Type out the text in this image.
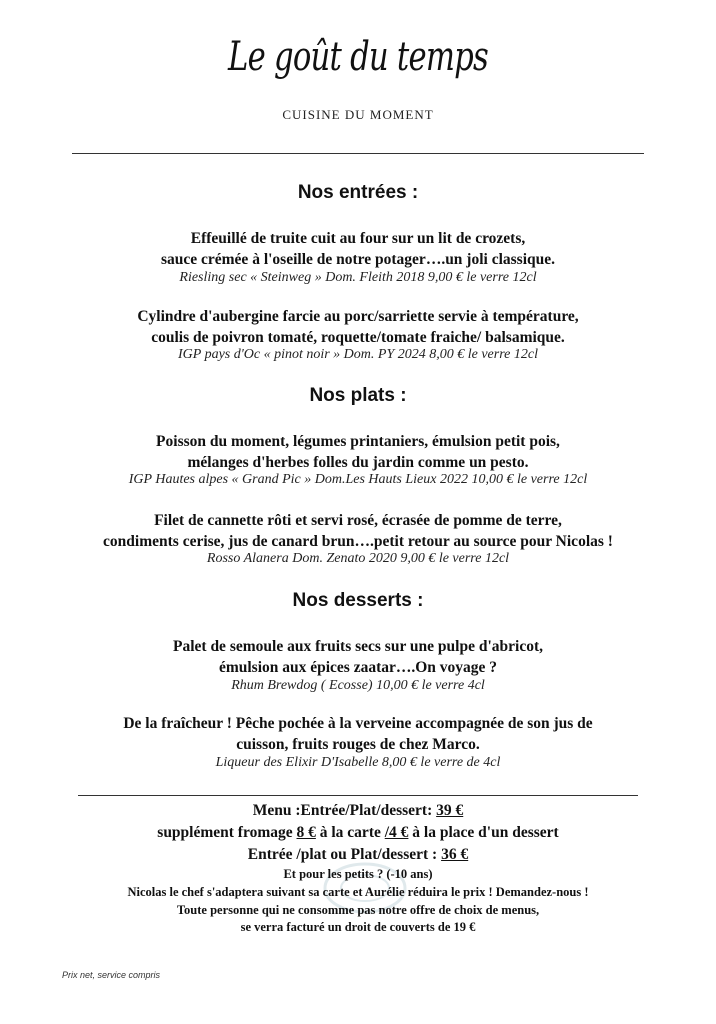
Le goût du temps
CUISINE DU MOMENT
Nos entrées :
Effeuillé de truite cuit au four sur un lit de crozets,
sauce crémée à l'oseille de notre potager….un joli classique.
Riesling sec « Steinweg » Dom. Fleith 2018 9,00 € le verre 12cl
Cylindre d'aubergine farcie au porc/sarriette servie à température,
coulis de poivron tomaté, roquette/tomate fraiche/ balsamique.
IGP pays d'Oc « pinot noir » Dom. PY 2024 8,00 € le verre 12cl
Nos plats :
Poisson du moment, légumes printaniers, émulsion petit pois,
mélanges d'herbes folles du jardin comme un pesto.
IGP Hautes alpes « Grand Pic » Dom.Les Hauts Lieux 2022 10,00 € le verre 12cl
Filet de cannette rôti et servi rosé, écrasée de pomme de terre,
condiments cerise, jus de canard brun….petit retour au source pour Nicolas !
Rosso Alanera Dom. Zenato 2020 9,00 € le verre 12cl
Nos desserts :
Palet de semoule aux fruits secs sur une pulpe d'abricot,
émulsion aux épices zaatar….On voyage ?
Rhum Brewdog ( Ecosse) 10,00 € le verre 4cl
De la fraîcheur ! Pêche pochée à la verveine accompagnée de son jus de
cuisson, fruits rouges de chez Marco.
Liqueur des Elixir D'Isabelle 8,00 € le verre de 4cl
Menu :Entrée/Plat/dessert: 39 €
supplément fromage 8 € à la carte /4 € à la place d'un dessert
Entrée /plat ou Plat/dessert : 36 €
Et pour les petits ? (-10 ans)
Nicolas le chef s'adaptera suivant sa carte et Aurélie réduira le prix ! Demandez-nous !
Toute personne qui ne consomme pas notre offre de choix de menus,
se verra facturé un droit de couverts de 19 €
Prix net, service compris
